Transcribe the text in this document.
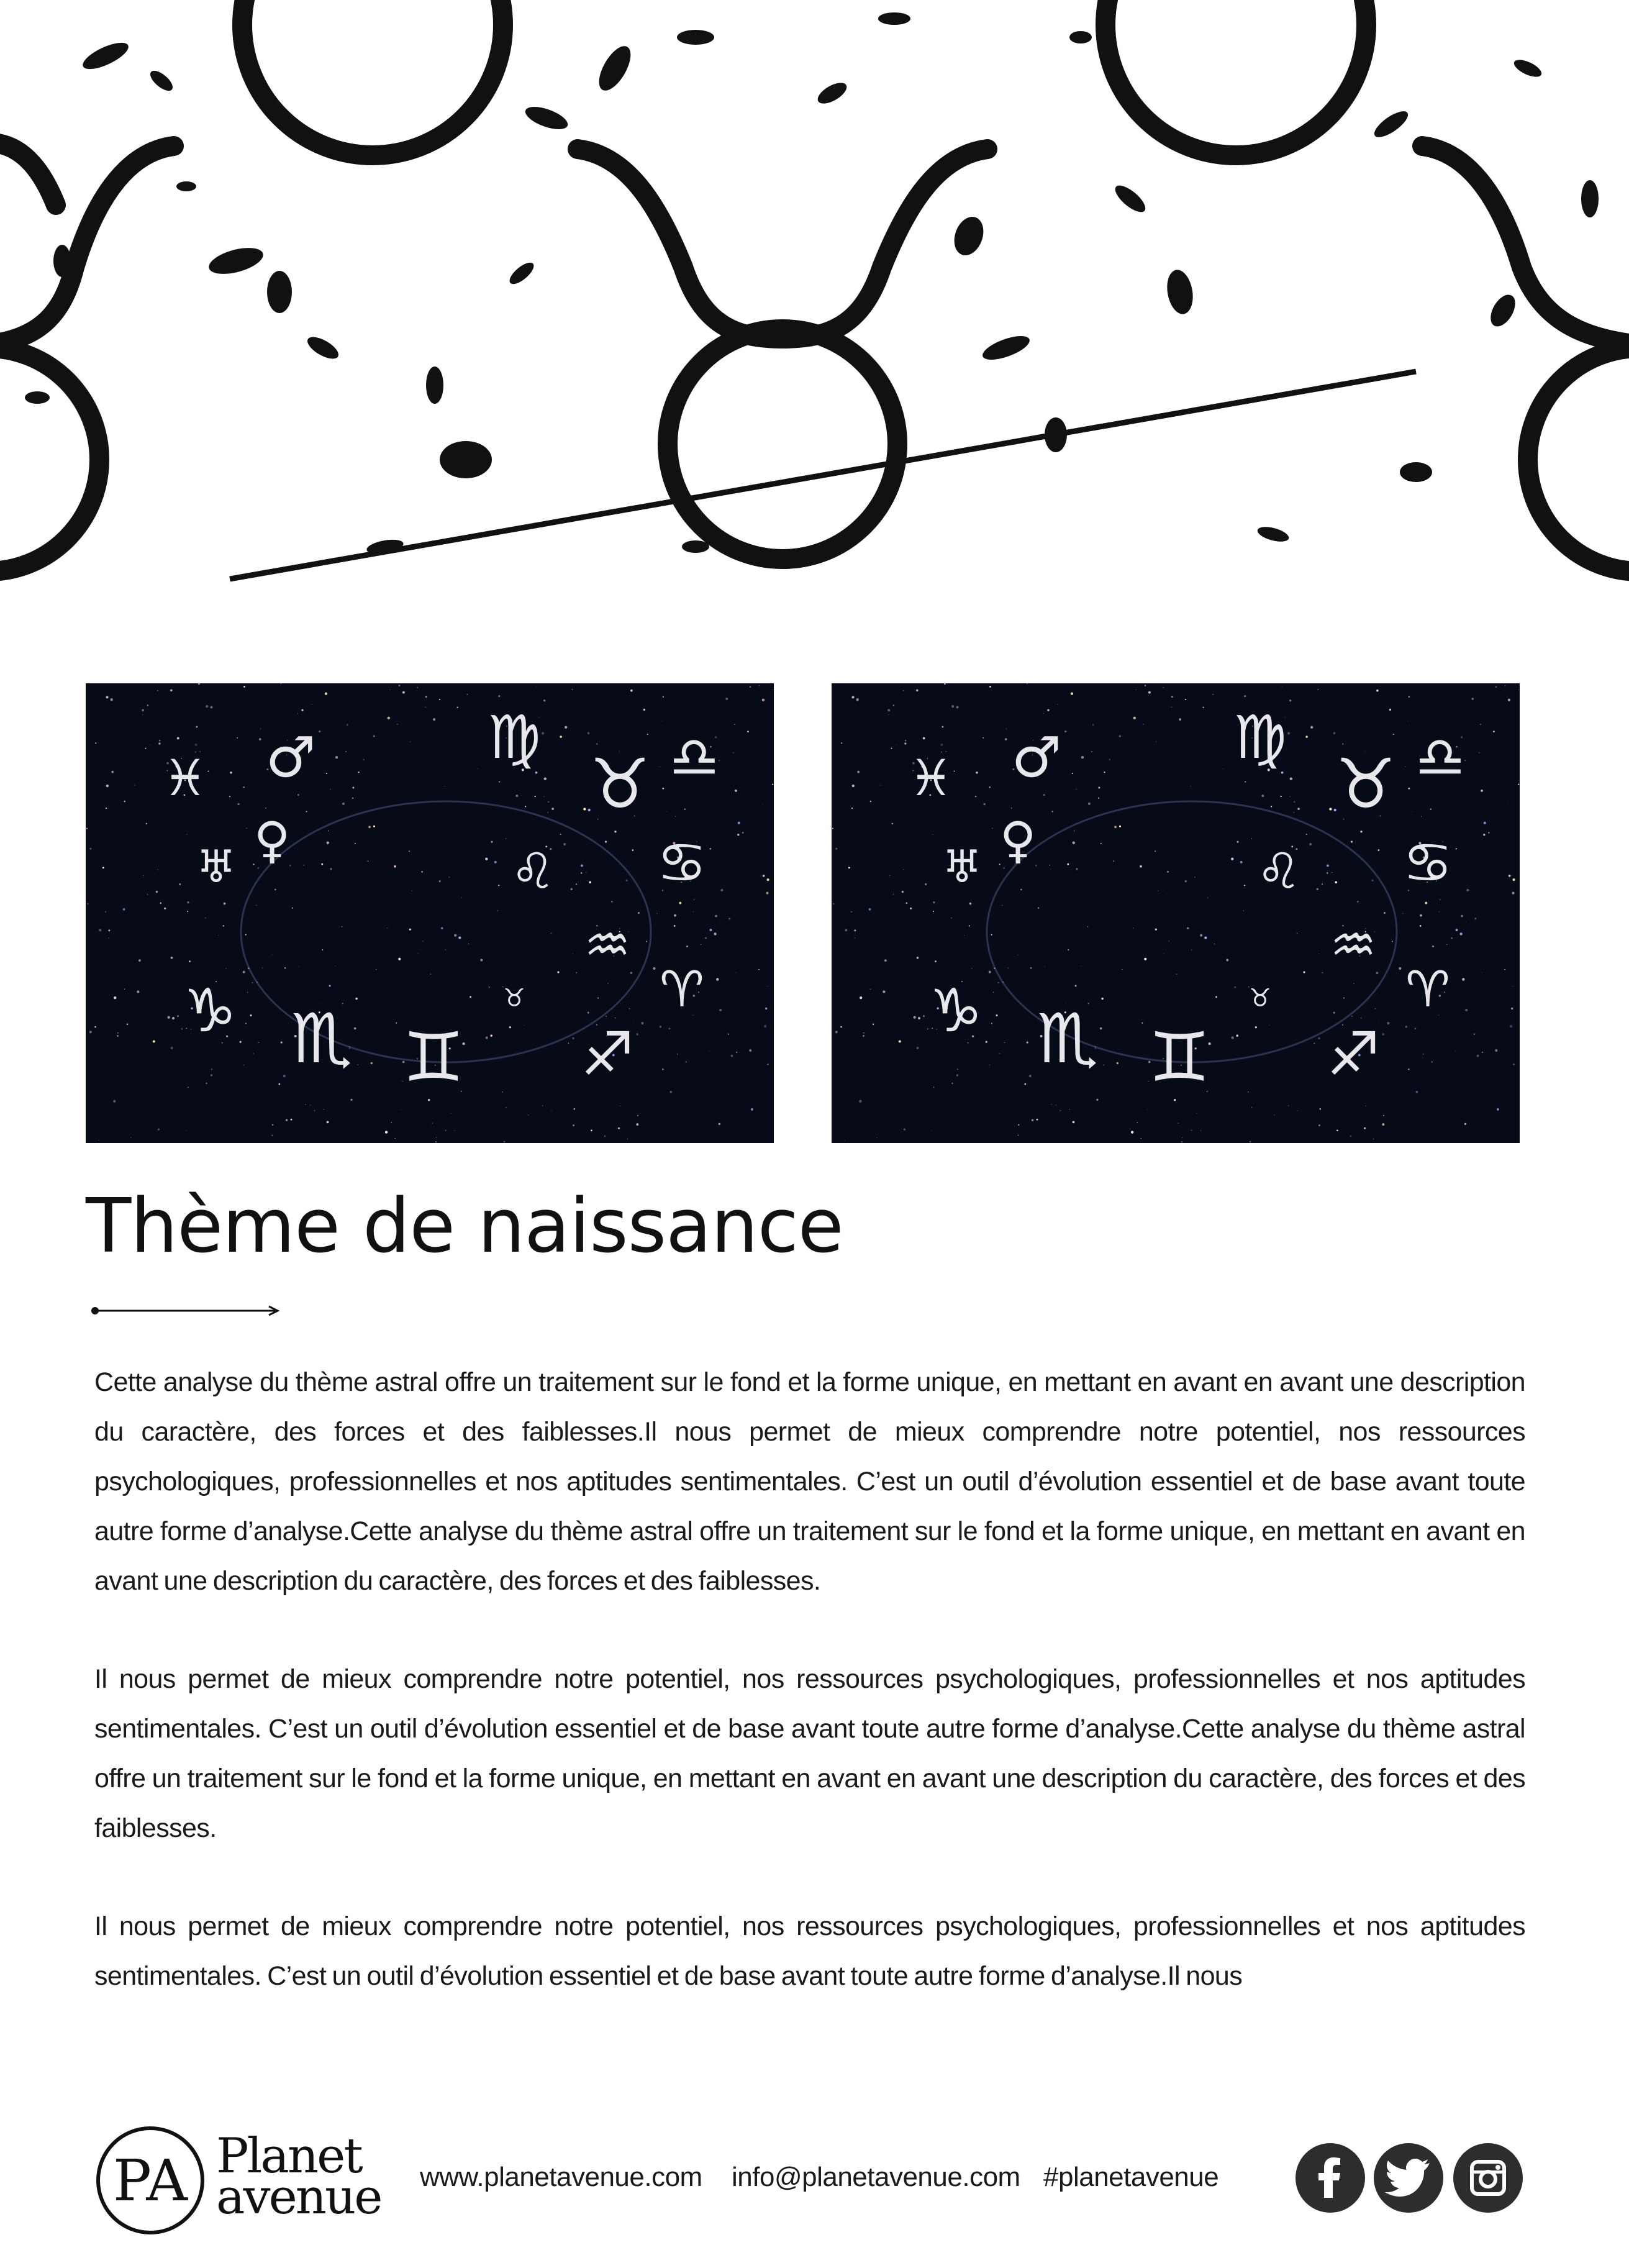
♓ ♂
♀
♅
♍
♉ ♎
♋
♌
♒
♈
♑ ♏ ♊ ♐
♉
♓ ♂
♀
♅
♍
♉ ♎
♋
♌
♒
♈
♑ ♏ ♊ ♐
♉
Thème de naissance

Cette analyse du thème astral offre un traitement sur le fond et la forme unique, en mettant en avant en avant une description du caractère, des forces et des faiblesses.Il nous permet de mieux comprendre notre potentiel, nos ressources psychologiques, professionnelles et nos aptitudes sentimentales. C’est un outil d’évolution essentiel et de base avant toute autre forme d’analyse.Cette analyse du thème astral offre un traitement sur le fond et la forme unique, en mettant en avant en avant une description du caractère, des forces et des faiblesses.

Il nous permet de mieux comprendre notre potentiel, nos ressources psychologiques, professionnelles et nos aptitudes sentimentales. C’est un outil d’évolution essentiel et de base avant toute autre forme d’analyse.Cette analyse du thème astral offre un traitement sur le fond et la forme unique, en mettant en avant en avant une description du caractère, des forces et des faiblesses.

Il nous permet de mieux comprendre notre potentiel, nos ressources psychologiques, professionnelles et nos aptitudes sentimentales. C’est un outil d’évolution essentiel et de base avant toute autre forme d’analyse.Il nous

PA Planet
avenue www.planetavenue.com info@planetavenue.com #planetavenue
